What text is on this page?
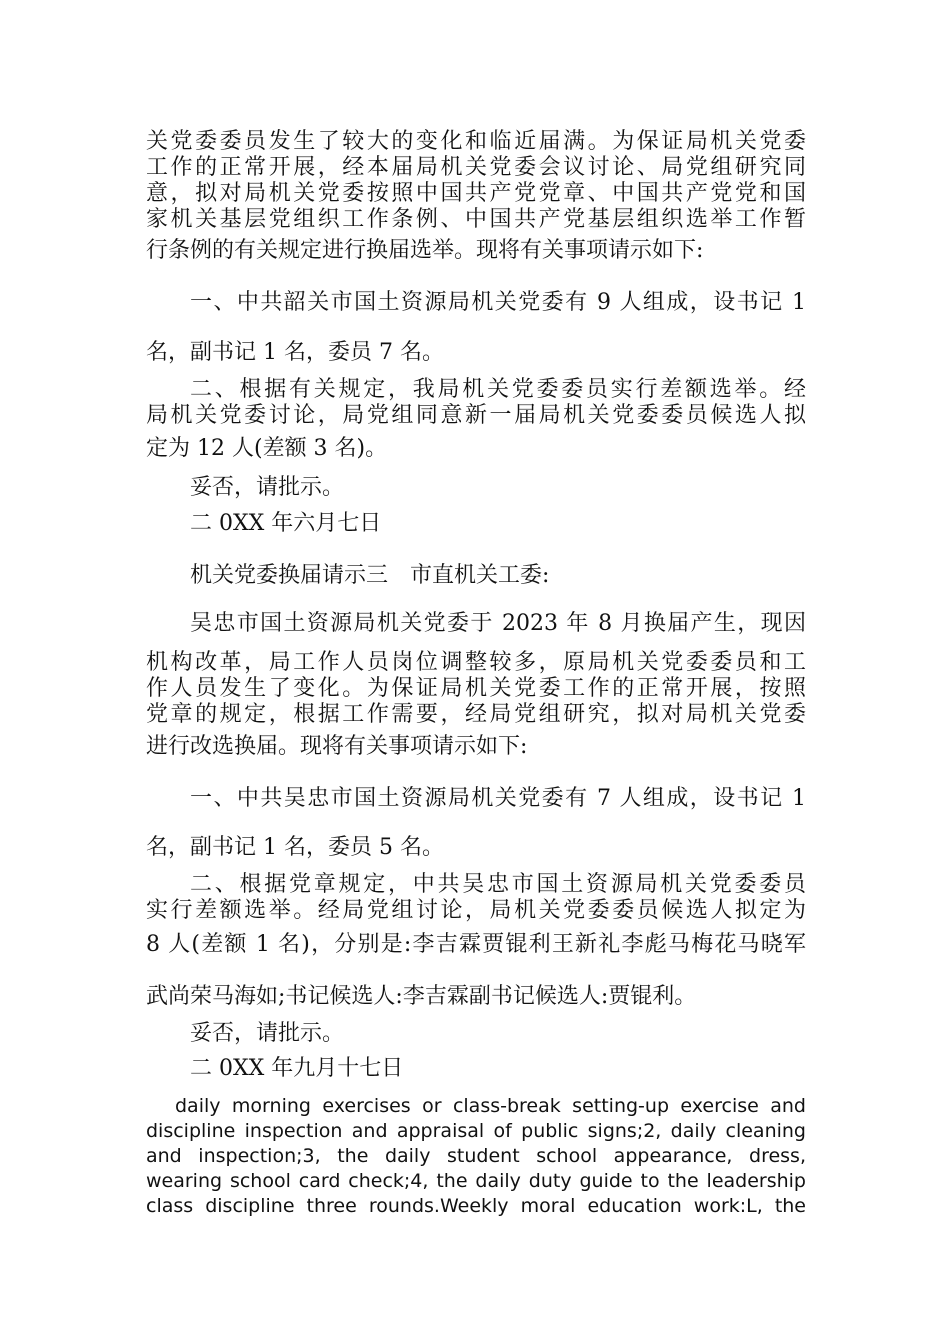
关党委委员发生了较大的变化和临近届满。为保证局机关党委
工作的正常开展，经本届局机关党委会议讨论、局党组研究同
意，拟对局机关党委按照中国共产党党章、中国共产党党和国
家机关基层党组织工作条例、中国共产党基层组织选举工作暂
行条例的有关规定进行换届选举。现将有关事项请示如下:
一、中共韶关市国土资源局机关党委有 9 人组成，设书记 1
名，副书记 1 名，委员 7 名。
二、根据有关规定，我局机关党委委员实行差额选举。经
局机关党委讨论，局党组同意新一届局机关党委委员候选人拟
定为 12 人(差额 3 名)。
妥否，请批示。
二 0XX 年六月七日
机关党委换届请示三　市直机关工委:
吴忠市国土资源局机关党委于 2023 年 8 月换届产生，现因
机构改革，局工作人员岗位调整较多，原局机关党委委员和工
作人员发生了变化。为保证局机关党委工作的正常开展，按照
党章的规定，根据工作需要，经局党组研究，拟对局机关党委
进行改选换届。现将有关事项请示如下:
一、中共吴忠市国土资源局机关党委有 7 人组成，设书记 1
名，副书记 1 名，委员 5 名。
二、根据党章规定，中共吴忠市国土资源局机关党委委员
实行差额选举。经局党组讨论，局机关党委委员候选人拟定为
8 人(差额 1 名)，分别是:李吉霖贾锟利王新礼李彪马梅花马晓军
武尚荣马海如;书记候选人:李吉霖副书记候选人:贾锟利。
妥否，请批示。
二 0XX 年九月十七日
daily morning exercises or class-break setting-up exercise and
discipline inspection and appraisal of public signs;2, daily cleaning
and inspection;3, the daily student school appearance, dress,
wearing school card check;4, the daily duty guide to the leadership
class discipline three rounds.Weekly moral education work:L, the
